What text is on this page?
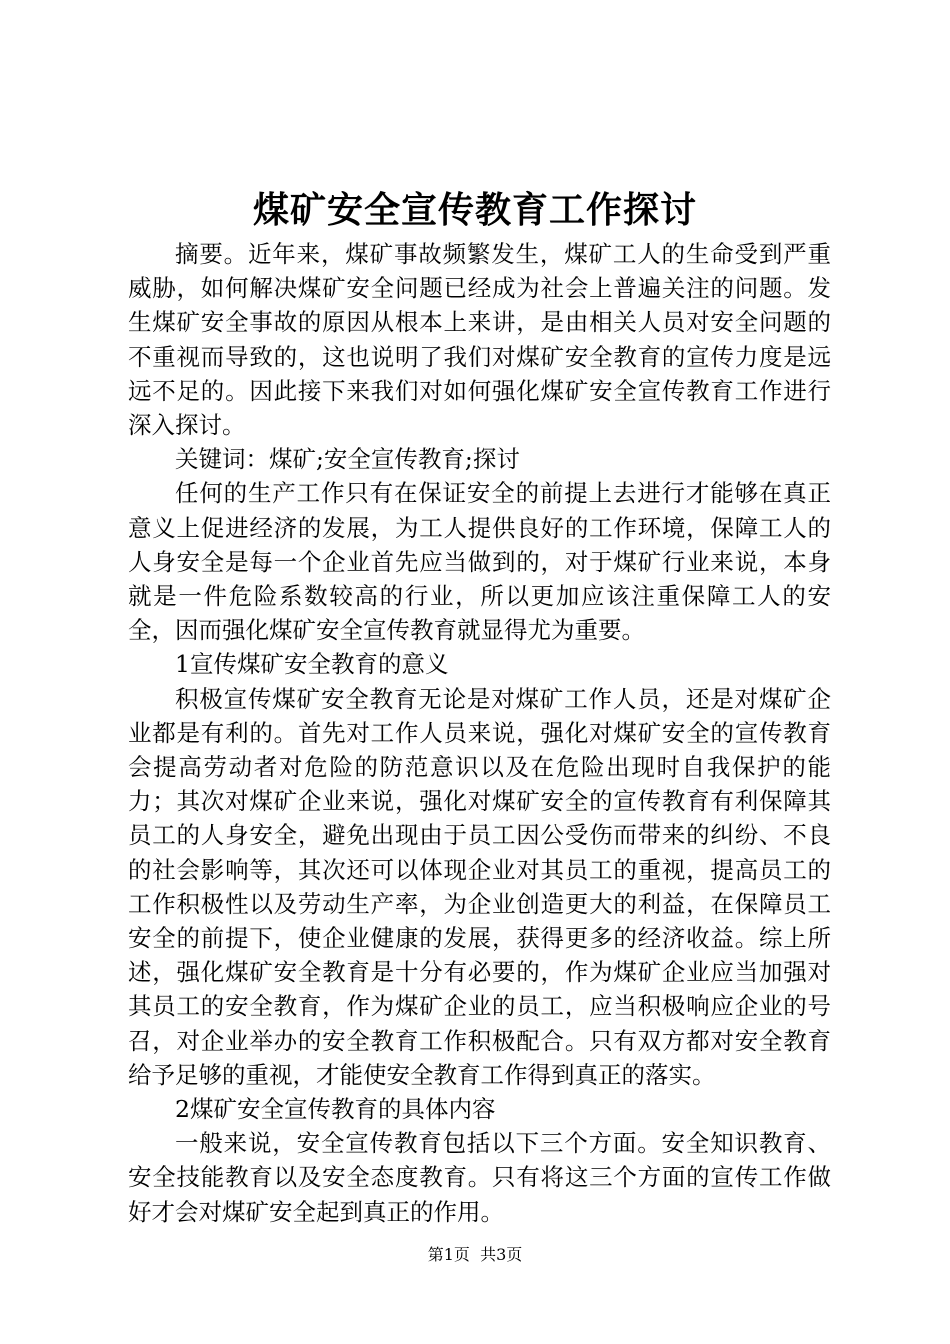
煤矿安全宣传教育工作探讨

摘要。近年来，煤矿事故频繁发生，煤矿工人的生命受到严重威胁，如何解决煤矿安全问题已经成为社会上普遍关注的问题。发生煤矿安全事故的原因从根本上来讲，是由相关人员对安全问题的不重视而导致的，这也说明了我们对煤矿安全教育的宣传力度是远远不足的。因此接下来我们对如何强化煤矿安全宣传教育工作进行深入探讨。

关键词：煤矿;安全宣传教育;探讨

任何的生产工作只有在保证安全的前提上去进行才能够在真正意义上促进经济的发展，为工人提供良好的工作环境，保障工人的人身安全是每一个企业首先应当做到的，对于煤矿行业来说，本身就是一件危险系数较高的行业，所以更加应该注重保障工人的安全，因而强化煤矿安全宣传教育就显得尤为重要。

1宣传煤矿安全教育的意义

积极宣传煤矿安全教育无论是对煤矿工作人员，还是对煤矿企业都是有利的。首先对工作人员来说，强化对煤矿安全的宣传教育会提高劳动者对危险的防范意识以及在危险出现时自我保护的能力；其次对煤矿企业来说，强化对煤矿安全的宣传教育有利保障其员工的人身安全，避免出现由于员工因公受伤而带来的纠纷、不良的社会影响等，其次还可以体现企业对其员工的重视，提高员工的工作积极性以及劳动生产率，为企业创造更大的利益，在保障员工安全的前提下，使企业健康的发展，获得更多的经济收益。综上所述，强化煤矿安全教育是十分有必要的，作为煤矿企业应当加强对其员工的安全教育，作为煤矿企业的员工，应当积极响应企业的号召，对企业举办的安全教育工作积极配合。只有双方都对安全教育给予足够的重视，才能使安全教育工作得到真正的落实。

2煤矿安全宣传教育的具体内容

一般来说，安全宣传教育包括以下三个方面。安全知识教育、安全技能教育以及安全态度教育。只有将这三个方面的宣传工作做好才会对煤矿安全起到真正的作用。

第1页 共3页
